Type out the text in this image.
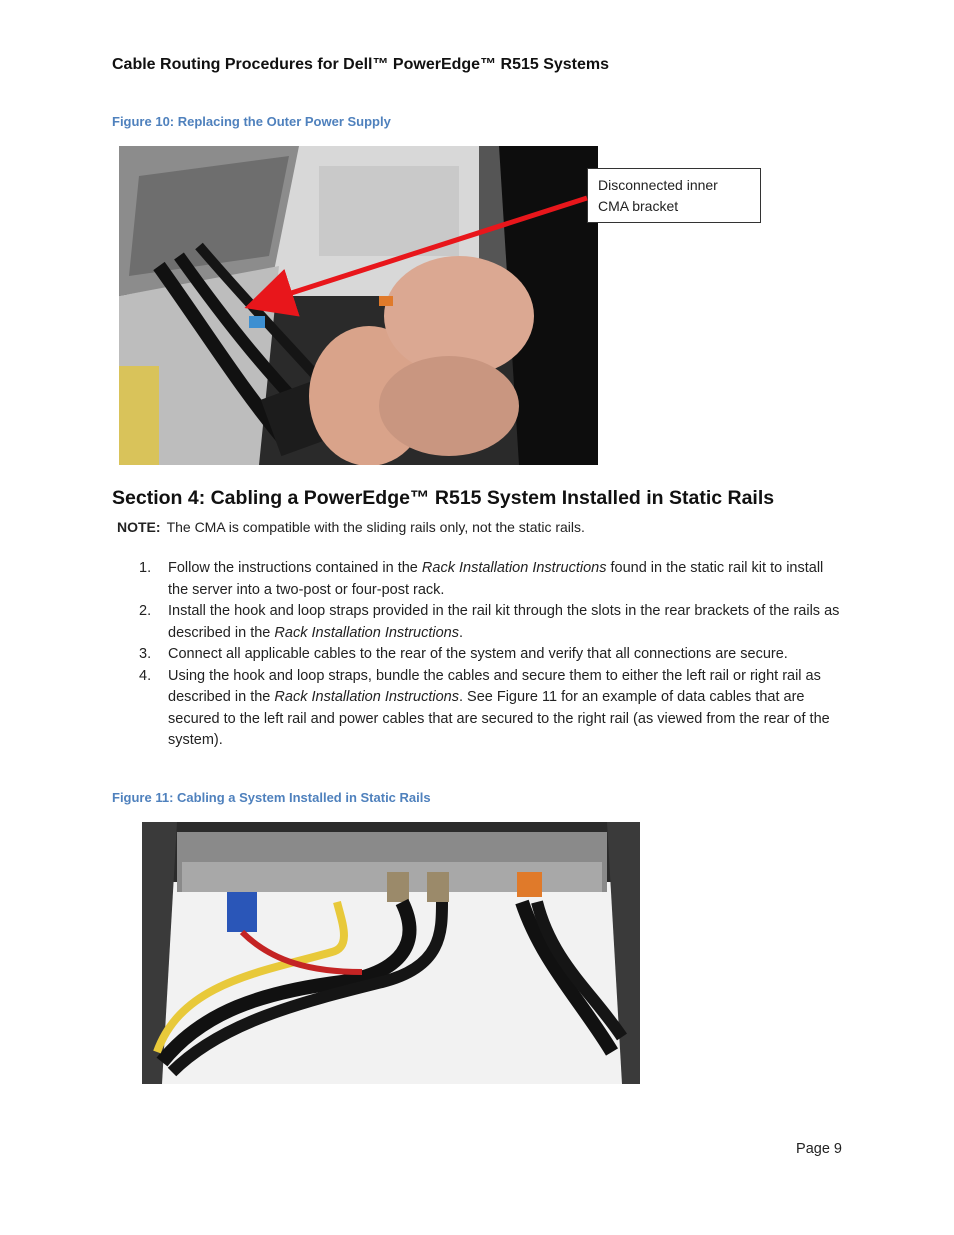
Cable Routing Procedures for Dell™ PowerEdge™ R515 Systems
Figure 10: Replacing the Outer Power Supply
Disconnected inner CMA bracket
Section 4: Cabling a PowerEdge™ R515 System Installed in Static Rails
NOTE: The CMA is compatible with the sliding rails only, not the static rails.
1. Follow the instructions contained in the Rack Installation Instructions found in the static rail kit to install the server into a two-post or four-post rack.
2. Install the hook and loop straps provided in the rail kit through the slots in the rear brackets of the rails as described in the Rack Installation Instructions.
3. Connect all applicable cables to the rear of the system and verify that all connections are secure.
4. Using the hook and loop straps, bundle the cables and secure them to either the left rail or right rail as described in the Rack Installation Instructions. See Figure 11 for an example of data cables that are secured to the left rail and power cables that are secured to the right rail (as viewed from the rear of the system).
Figure 11: Cabling a System Installed in Static Rails
Page 9
